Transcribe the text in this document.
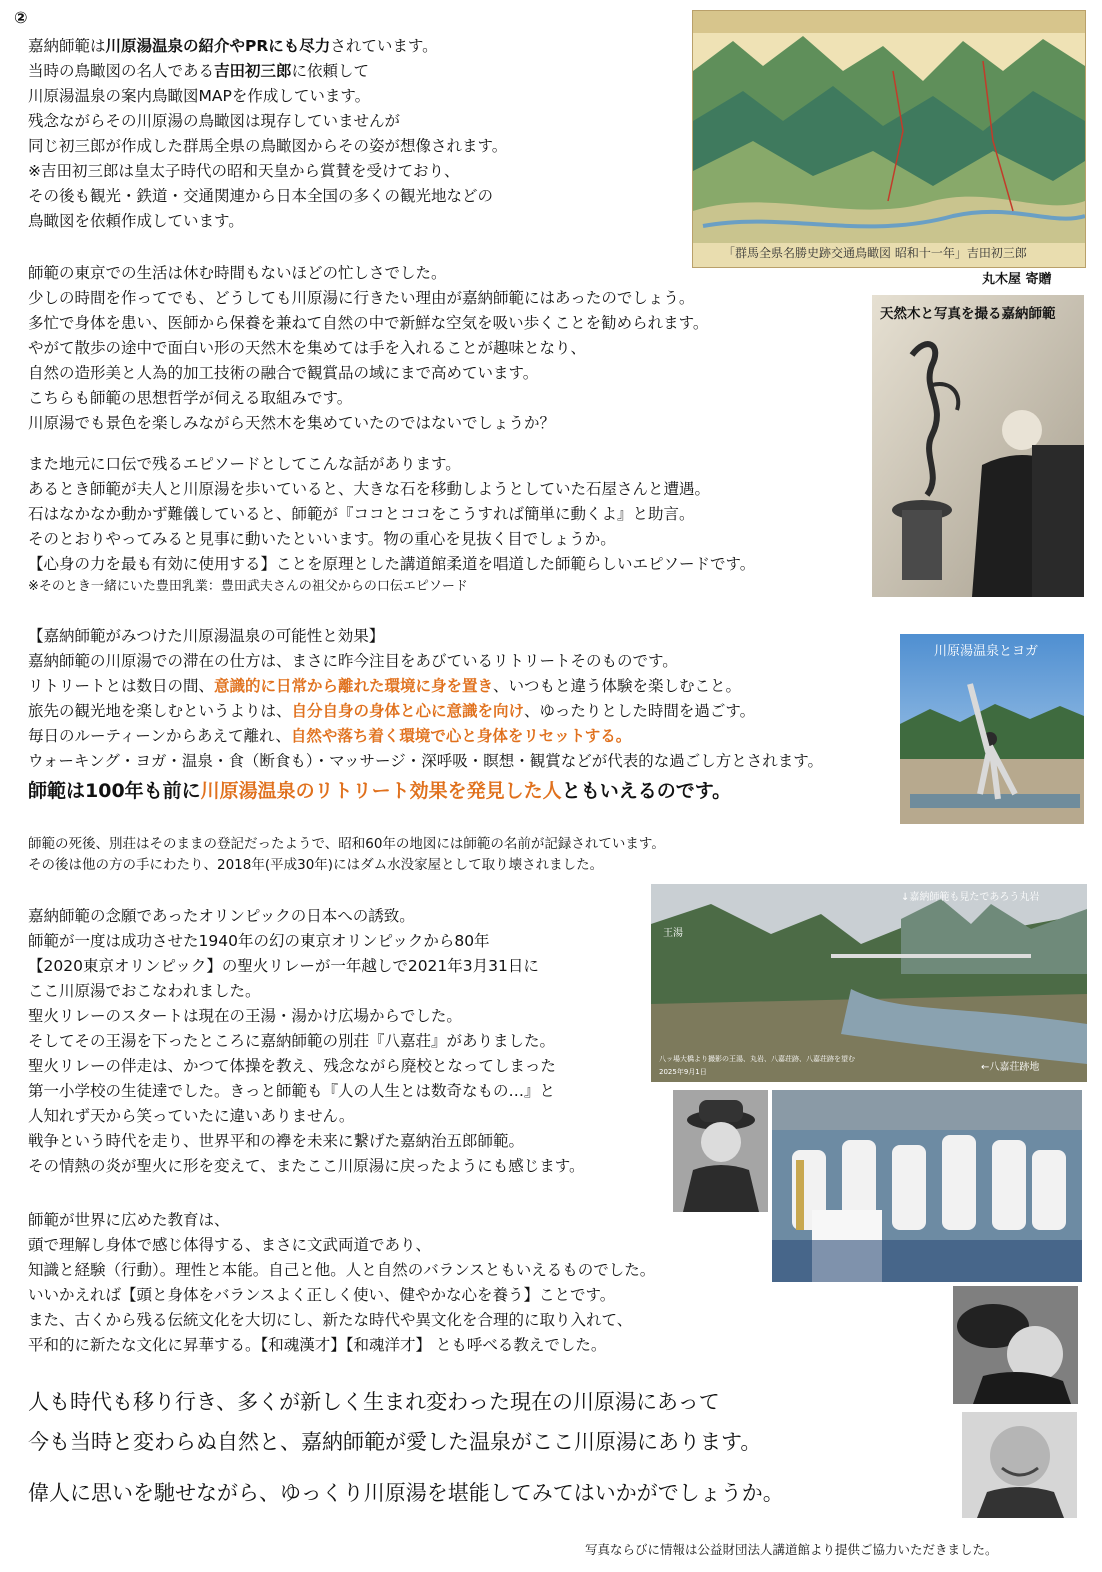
②
嘉納師範は川原湯温泉の紹介やPRにも尽力されています。
当時の鳥瞰図の名人である吉田初三郎に依頼して
川原湯温泉の案内鳥瞰図MAPを作成しています。
残念ながらその川原湯の鳥瞰図は現存していませんが
同じ初三郎が作成した群馬全県の鳥瞰図からその姿が想像されます。
※吉田初三郎は皇太子時代の昭和天皇から賞賛を受けており、
その後も観光・鉄道・交通関連から日本全国の多くの観光地などの
鳥瞰図を依頼作成しています。
「群馬全県名勝史跡交通鳥瞰図 昭和十一年」吉田初三郎
丸木屋 寄贈
師範の東京での生活は休む時間もないほどの忙しさでした。
少しの時間を作ってでも、どうしても川原湯に行きたい理由が嘉納師範にはあったのでしょう。
多忙で身体を患い、医師から保養を兼ねて自然の中で新鮮な空気を吸い歩くことを勧められます。
やがて散歩の途中で面白い形の天然木を集めては手を入れることが趣味となり、
自然の造形美と人為的加工技術の融合で観賞品の域にまで高めています。
こちらも師範の思想哲学が伺える取組みです。
川原湯でも景色を楽しみながら天然木を集めていたのではないでしょうか？
天然木と写真を撮る嘉納師範
また地元に口伝で残るエピソードとしてこんな話があります。
あるとき師範が夫人と川原湯を歩いていると、大きな石を移動しようとしていた石屋さんと遭遇。
石はなかなか動かず難儀していると、師範が『ココとココをこうすれば簡単に動くよ』と助言。
そのとおりやってみると見事に動いたといいます。物の重心を見抜く目でしょうか。
【心身の力を最も有効に使用する】ことを原理とした講道館柔道を唱道した師範らしいエピソードです。
※そのとき一緒にいた豊田乳業：豊田武夫さんの祖父からの口伝エピソード
【嘉納師範がみつけた川原湯温泉の可能性と効果】
嘉納師範の川原湯での滞在の仕方は、まさに昨今注目をあびているリトリートそのものです。
リトリートとは数日の間、意識的に日常から離れた環境に身を置き、いつもと違う体験を楽しむこと。
旅先の観光地を楽しむというよりは、自分自身の身体と心に意識を向け、ゆったりとした時間を過ごす。
毎日のルーティーンからあえて離れ、自然や落ち着く環境で心と身体をリセットする。
ウォーキング・ヨガ・温泉・食（断食も）・マッサージ・深呼吸・瞑想・観賞などが代表的な過ごし方とされます。
師範は100年も前に川原湯温泉のリトリート効果を発見した人ともいえるのです。
川原湯温泉とヨガ
師範の死後、別荘はそのままの登記だったようで、昭和60年の地図には師範の名前が記録されています。
その後は他の方の手にわたり、2018年(平成30年)にはダム水没家屋として取り壊されました。
↓嘉納師範も見たであろう丸岩
王湯
八ッ場大橋より撮影の王湯、丸岩、八嘉荘跡、八嘉荘跡を望む
2025年9月1日	←八嘉荘跡地
嘉納師範の念願であったオリンピックの日本への誘致。
師範が一度は成功させた1940年の幻の東京オリンピックから80年
【2020東京オリンピック】の聖火リレーが一年越しで2021年3月31日に
ここ川原湯でおこなわれました。
聖火リレーのスタートは現在の王湯・湯かけ広場からでした。
そしてその王湯を下ったところに嘉納師範の別荘『八嘉荘』がありました。
聖火リレーの伴走は、かつて体操を教え、残念ながら廃校となってしまった
第一小学校の生徒達でした。きっと師範も『人の人生とは数奇なもの…』と
人知れず天から笑っていたに違いありません。
戦争という時代を走り、世界平和の襷を未来に繋げた嘉納治五郎師範。
その情熱の炎が聖火に形を変えて、またここ川原湯に戻ったようにも感じます。
師範が世界に広めた教育は、
頭で理解し身体で感じ体得する、まさに文武両道であり、
知識と経験（行動）。理性と本能。自己と他。人と自然のバランスともいえるものでした。
いいかえれば【頭と身体をバランスよく正しく使い、健やかな心を養う】ことです。
また、古くから残る伝統文化を大切にし、新たな時代や異文化を合理的に取り入れて、
平和的に新たな文化に昇華する。【和魂漢才】【和魂洋才】 とも呼べる教えでした。
人も時代も移り行き、多くが新しく生まれ変わった現在の川原湯にあって
今も当時と変わらぬ自然と、嘉納師範が愛した温泉がここ川原湯にあります。
偉人に思いを馳せながら、ゆっくり川原湯を堪能してみてはいかがでしょうか。
写真ならびに情報は公益財団法人講道館より提供ご協力いただきました。
